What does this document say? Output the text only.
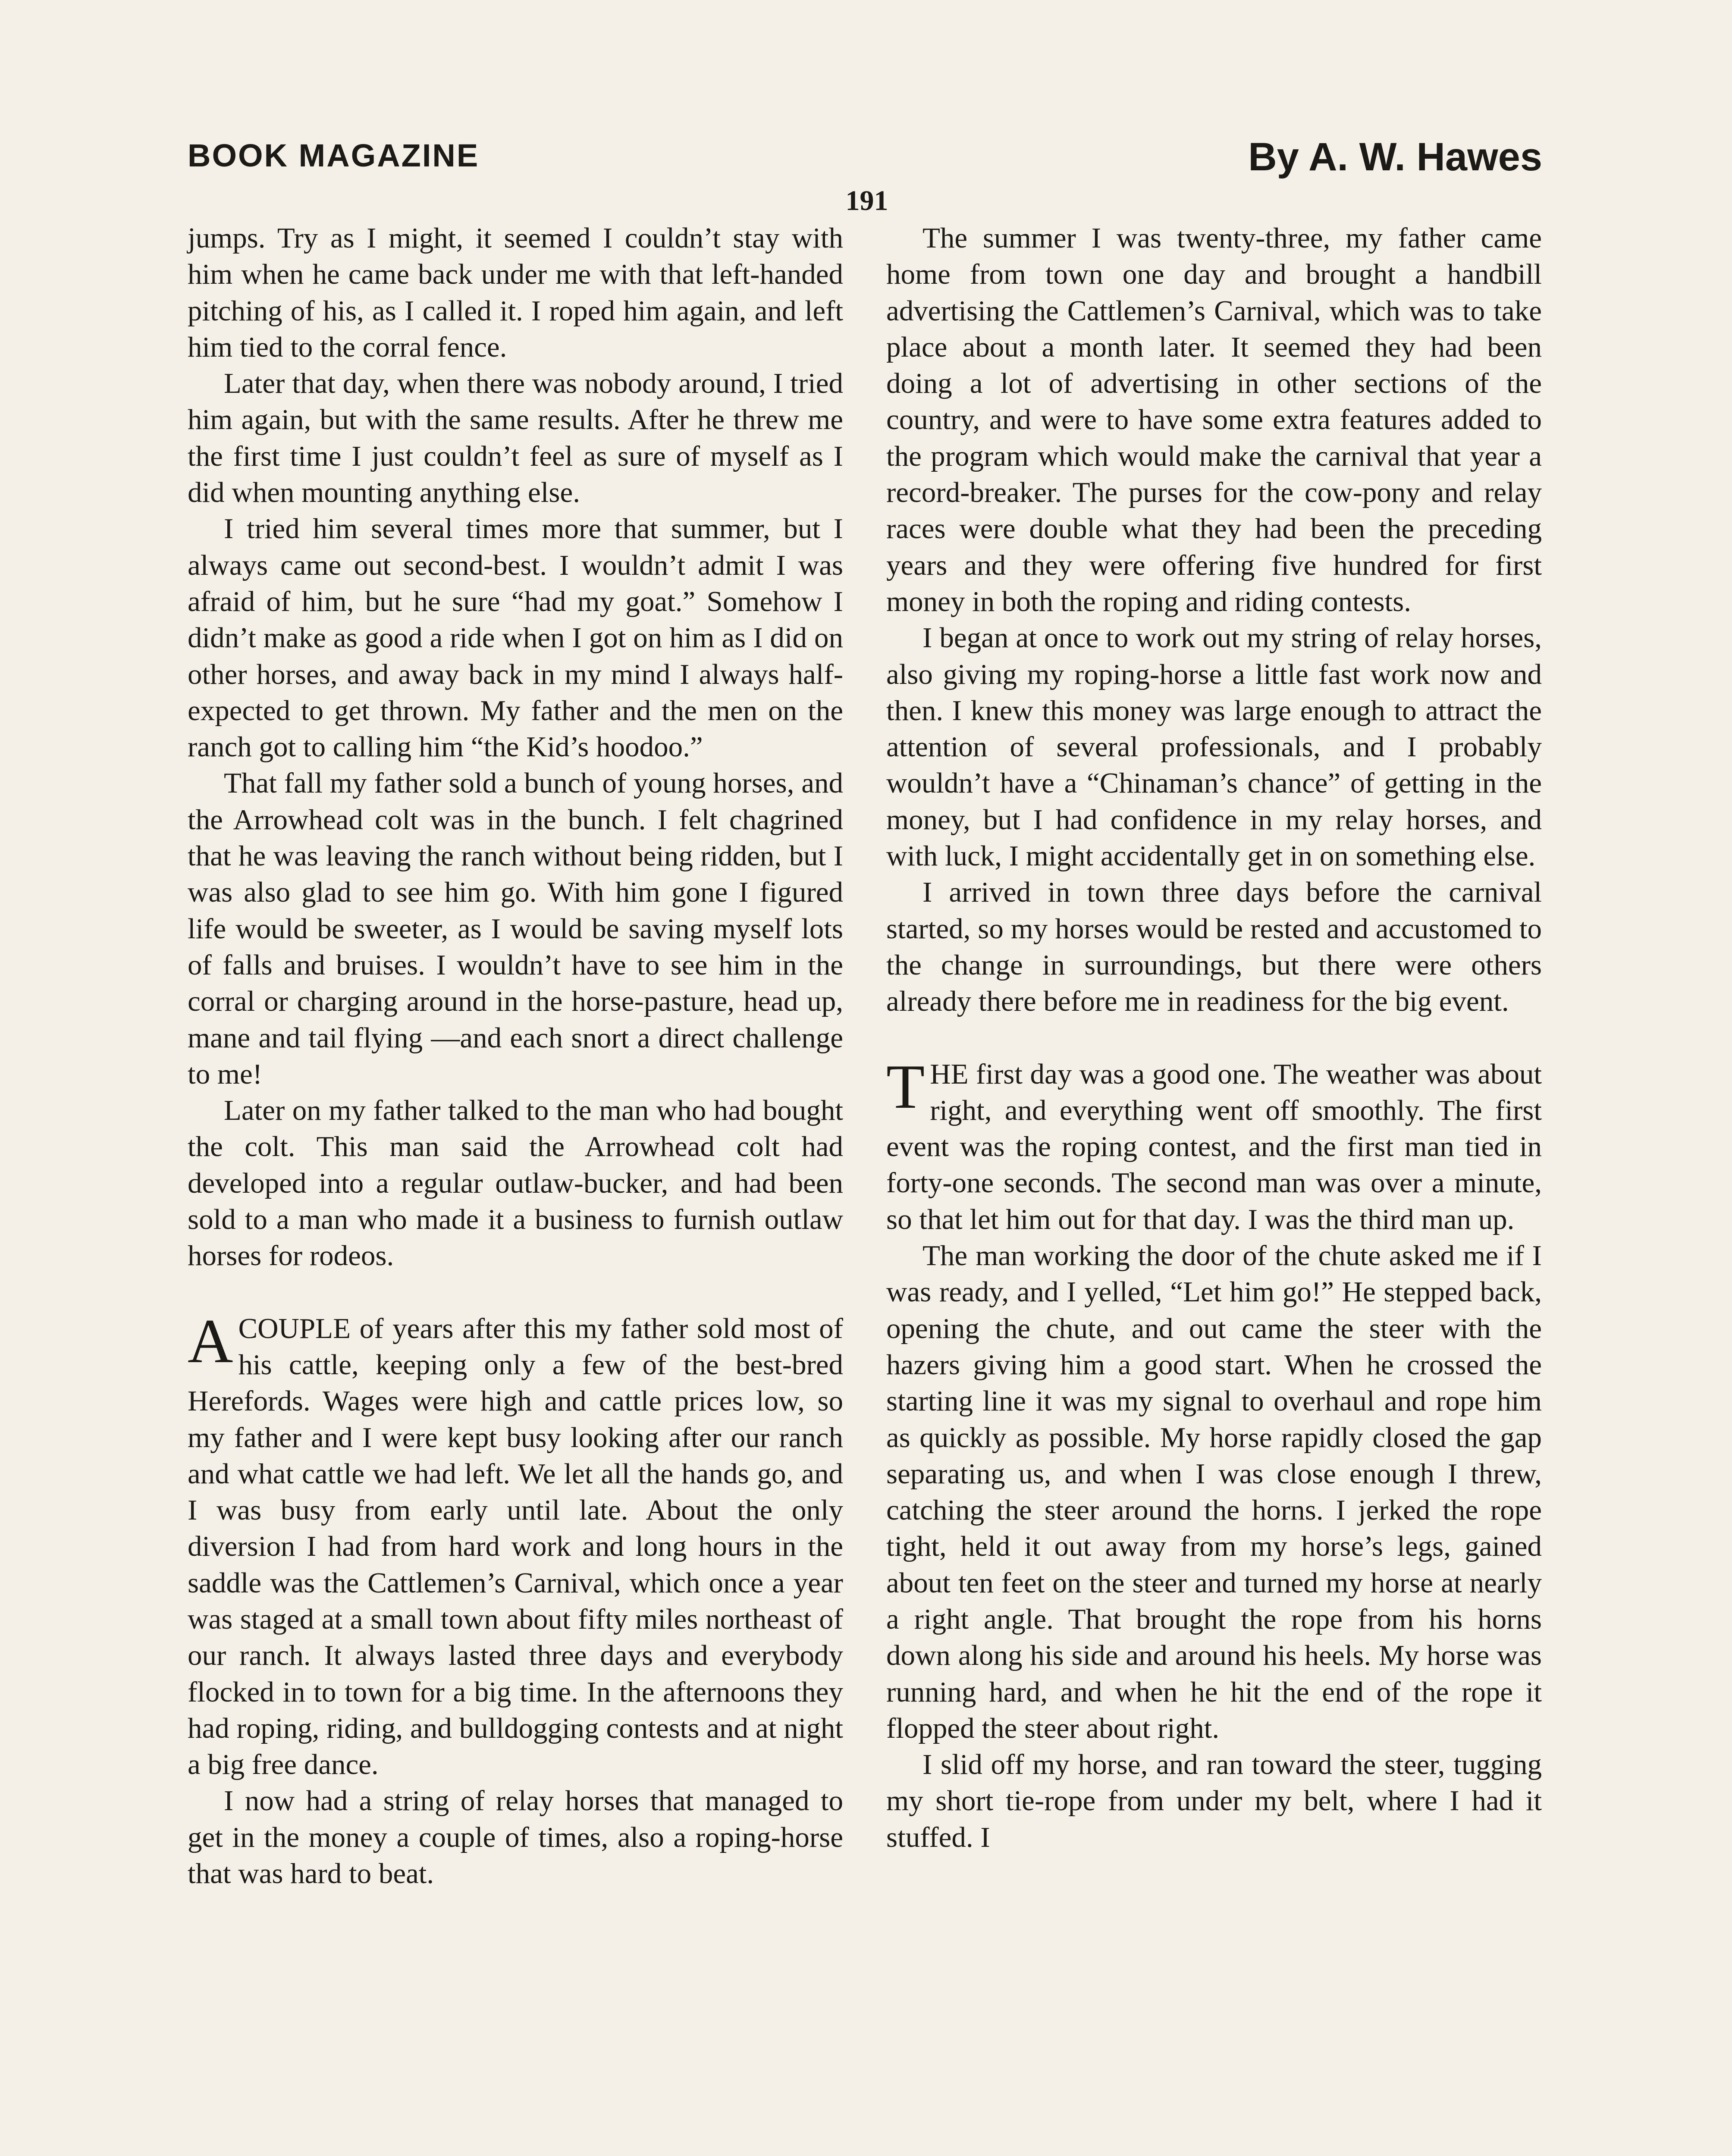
BOOK MAGAZINE	By A. W. Hawes
191

jumps. Try as I might, it seemed I couldn’t stay with him when he came back under me with that left-handed pitching of his, as I called it. I roped him again, and left him tied to the corral fence.

Later that day, when there was nobody around, I tried him again, but with the same results. After he threw me the first time I just couldn’t feel as sure of myself as I did when mounting anything else.

I tried him several times more that summer, but I always came out second-best. I wouldn’t admit I was afraid of him, but he sure “had my goat.” Somehow I didn’t make as good a ride when I got on him as I did on other horses, and away back in my mind I always half-expected to get thrown. My father and the men on the ranch got to calling him “the Kid’s hoodoo.”

That fall my father sold a bunch of young horses, and the Arrowhead colt was in the bunch. I felt chagrined that he was leaving the ranch without being ridden, but I was also glad to see him go. With him gone I figured life would be sweeter, as I would be saving myself lots of falls and bruises. I wouldn’t have to see him in the corral or charging around in the horse-pasture, head up, mane and tail flying —and each snort a direct challenge to me!

Later on my father talked to the man who had bought the colt. This man said the Arrowhead colt had developed into a regular outlaw-bucker, and had been sold to a man who made it a business to furnish outlaw horses for rodeos.

ACOUPLE of years after this my father sold most of his cattle, keeping only a few of the best-bred Herefords. Wages were high and cattle prices low, so my father and I were kept busy looking after our ranch and what cattle we had left. We let all the hands go, and I was busy from early until late. About the only diversion I had from hard work and long hours in the saddle was the Cattlemen’s Carnival, which once a year was staged at a small town about fifty miles northeast of our ranch. It always lasted three days and everybody flocked in to town for a big time. In the afternoons they had roping, riding, and bulldogging contests and at night a big free dance.

I now had a string of relay horses that managed to get in the money a couple of times, also a roping-horse that was hard to beat.

The summer I was twenty-three, my father came home from town one day and brought a handbill advertising the Cattlemen’s Carnival, which was to take place about a month later. It seemed they had been doing a lot of advertising in other sections of the country, and were to have some extra features added to the program which would make the carnival that year a record-breaker. The purses for the cow-pony and relay races were double what they had been the preceding years and they were offering five hundred for first money in both the roping and riding contests.

I began at once to work out my string of relay horses, also giving my roping-horse a little fast work now and then. I knew this money was large enough to attract the attention of several professionals, and I probably wouldn’t have a “Chinaman’s chance” of getting in the money, but I had confidence in my relay horses, and with luck, I might accidentally get in on something else.

I arrived in town three days before the carnival started, so my horses would be rested and accustomed to the change in surroundings, but there were others already there before me in readiness for the big event.

THE first day was a good one. The weather was about right, and everything went off smoothly. The first event was the roping contest, and the first man tied in forty-one seconds. The second man was over a minute, so that let him out for that day. I was the third man up.

The man working the door of the chute asked me if I was ready, and I yelled, “Let him go!” He stepped back, opening the chute, and out came the steer with the hazers giving him a good start. When he crossed the starting line it was my signal to overhaul and rope him as quickly as possible. My horse rapidly closed the gap separating us, and when I was close enough I threw, catching the steer around the horns. I jerked the rope tight, held it out away from my horse’s legs, gained about ten feet on the steer and turned my horse at nearly a right angle. That brought the rope from his horns down along his side and around his heels. My horse was running hard, and when he hit the end of the rope it flopped the steer about right.

I slid off my horse, and ran toward the steer, tugging my short tie-rope from under my belt, where I had it stuffed. I
